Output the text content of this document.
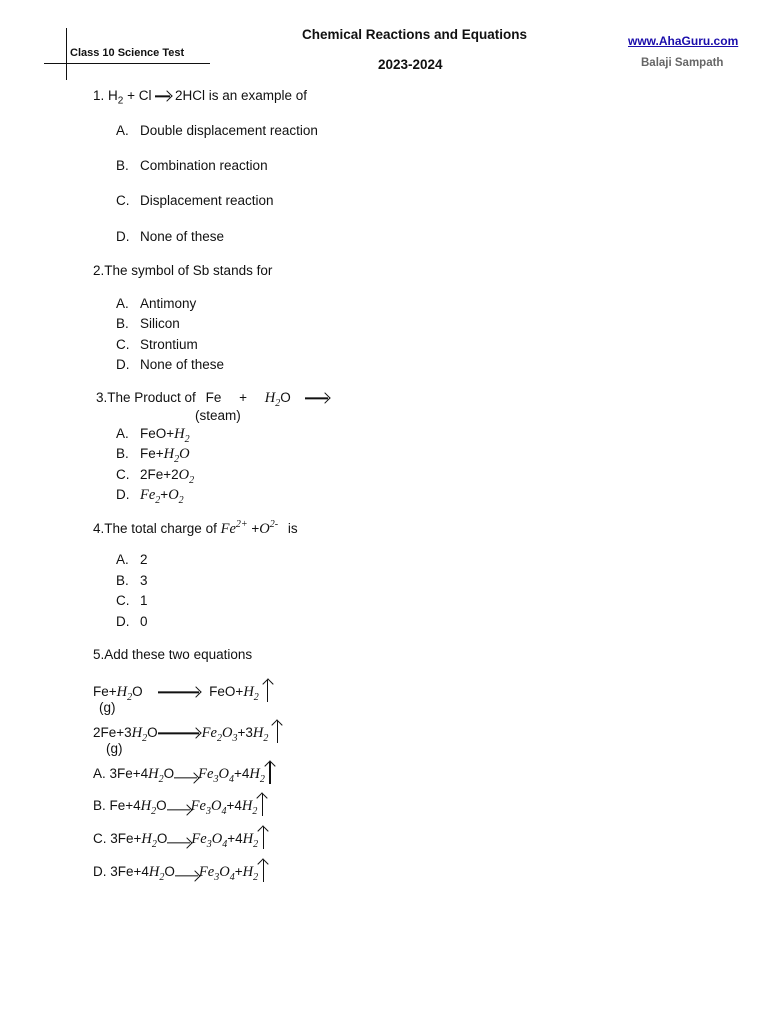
Class 10 Science Test
Chemical Reactions and Equations
2023-2024
www.AhaGuru.com
Balaji Sampath
1. $H_2 + Cl$ 2HCl is an example of
A. Double displacement reaction
B. Combination reaction
C. Displacement reaction
D. None of these
2.The symbol of Sb stands for
A. Antimony
B. Silicon
C. Strontium
D. None of these
3.The Product of $Fe + H_2O$
(steam)
A. $FeO+H_2$
B. $Fe+H_2O$
C. $2Fe+2O_2$
D. $Fe_2+O_2$
4.The total charge of $Fe^{2+} +O^{2-}$ is
A. 2
B. 3
C. 1
D. 0
5.Add these two equations
$Fe+H_2O \to FeO+H_2$
(g)
$2Fe+3H_2O\to Fe_2O_3+3H_2$
(g)
A. $3Fe+4H_2O$ $Fe_3O_4+4H_2$
B. $Fe+4H_2O$ $Fe_3O_4+4H_2$
C. $3Fe+H_2O$ $Fe_3O_4+4H_2$
D. $3Fe+4H_2O$ $Fe_3O_4+H_2$
